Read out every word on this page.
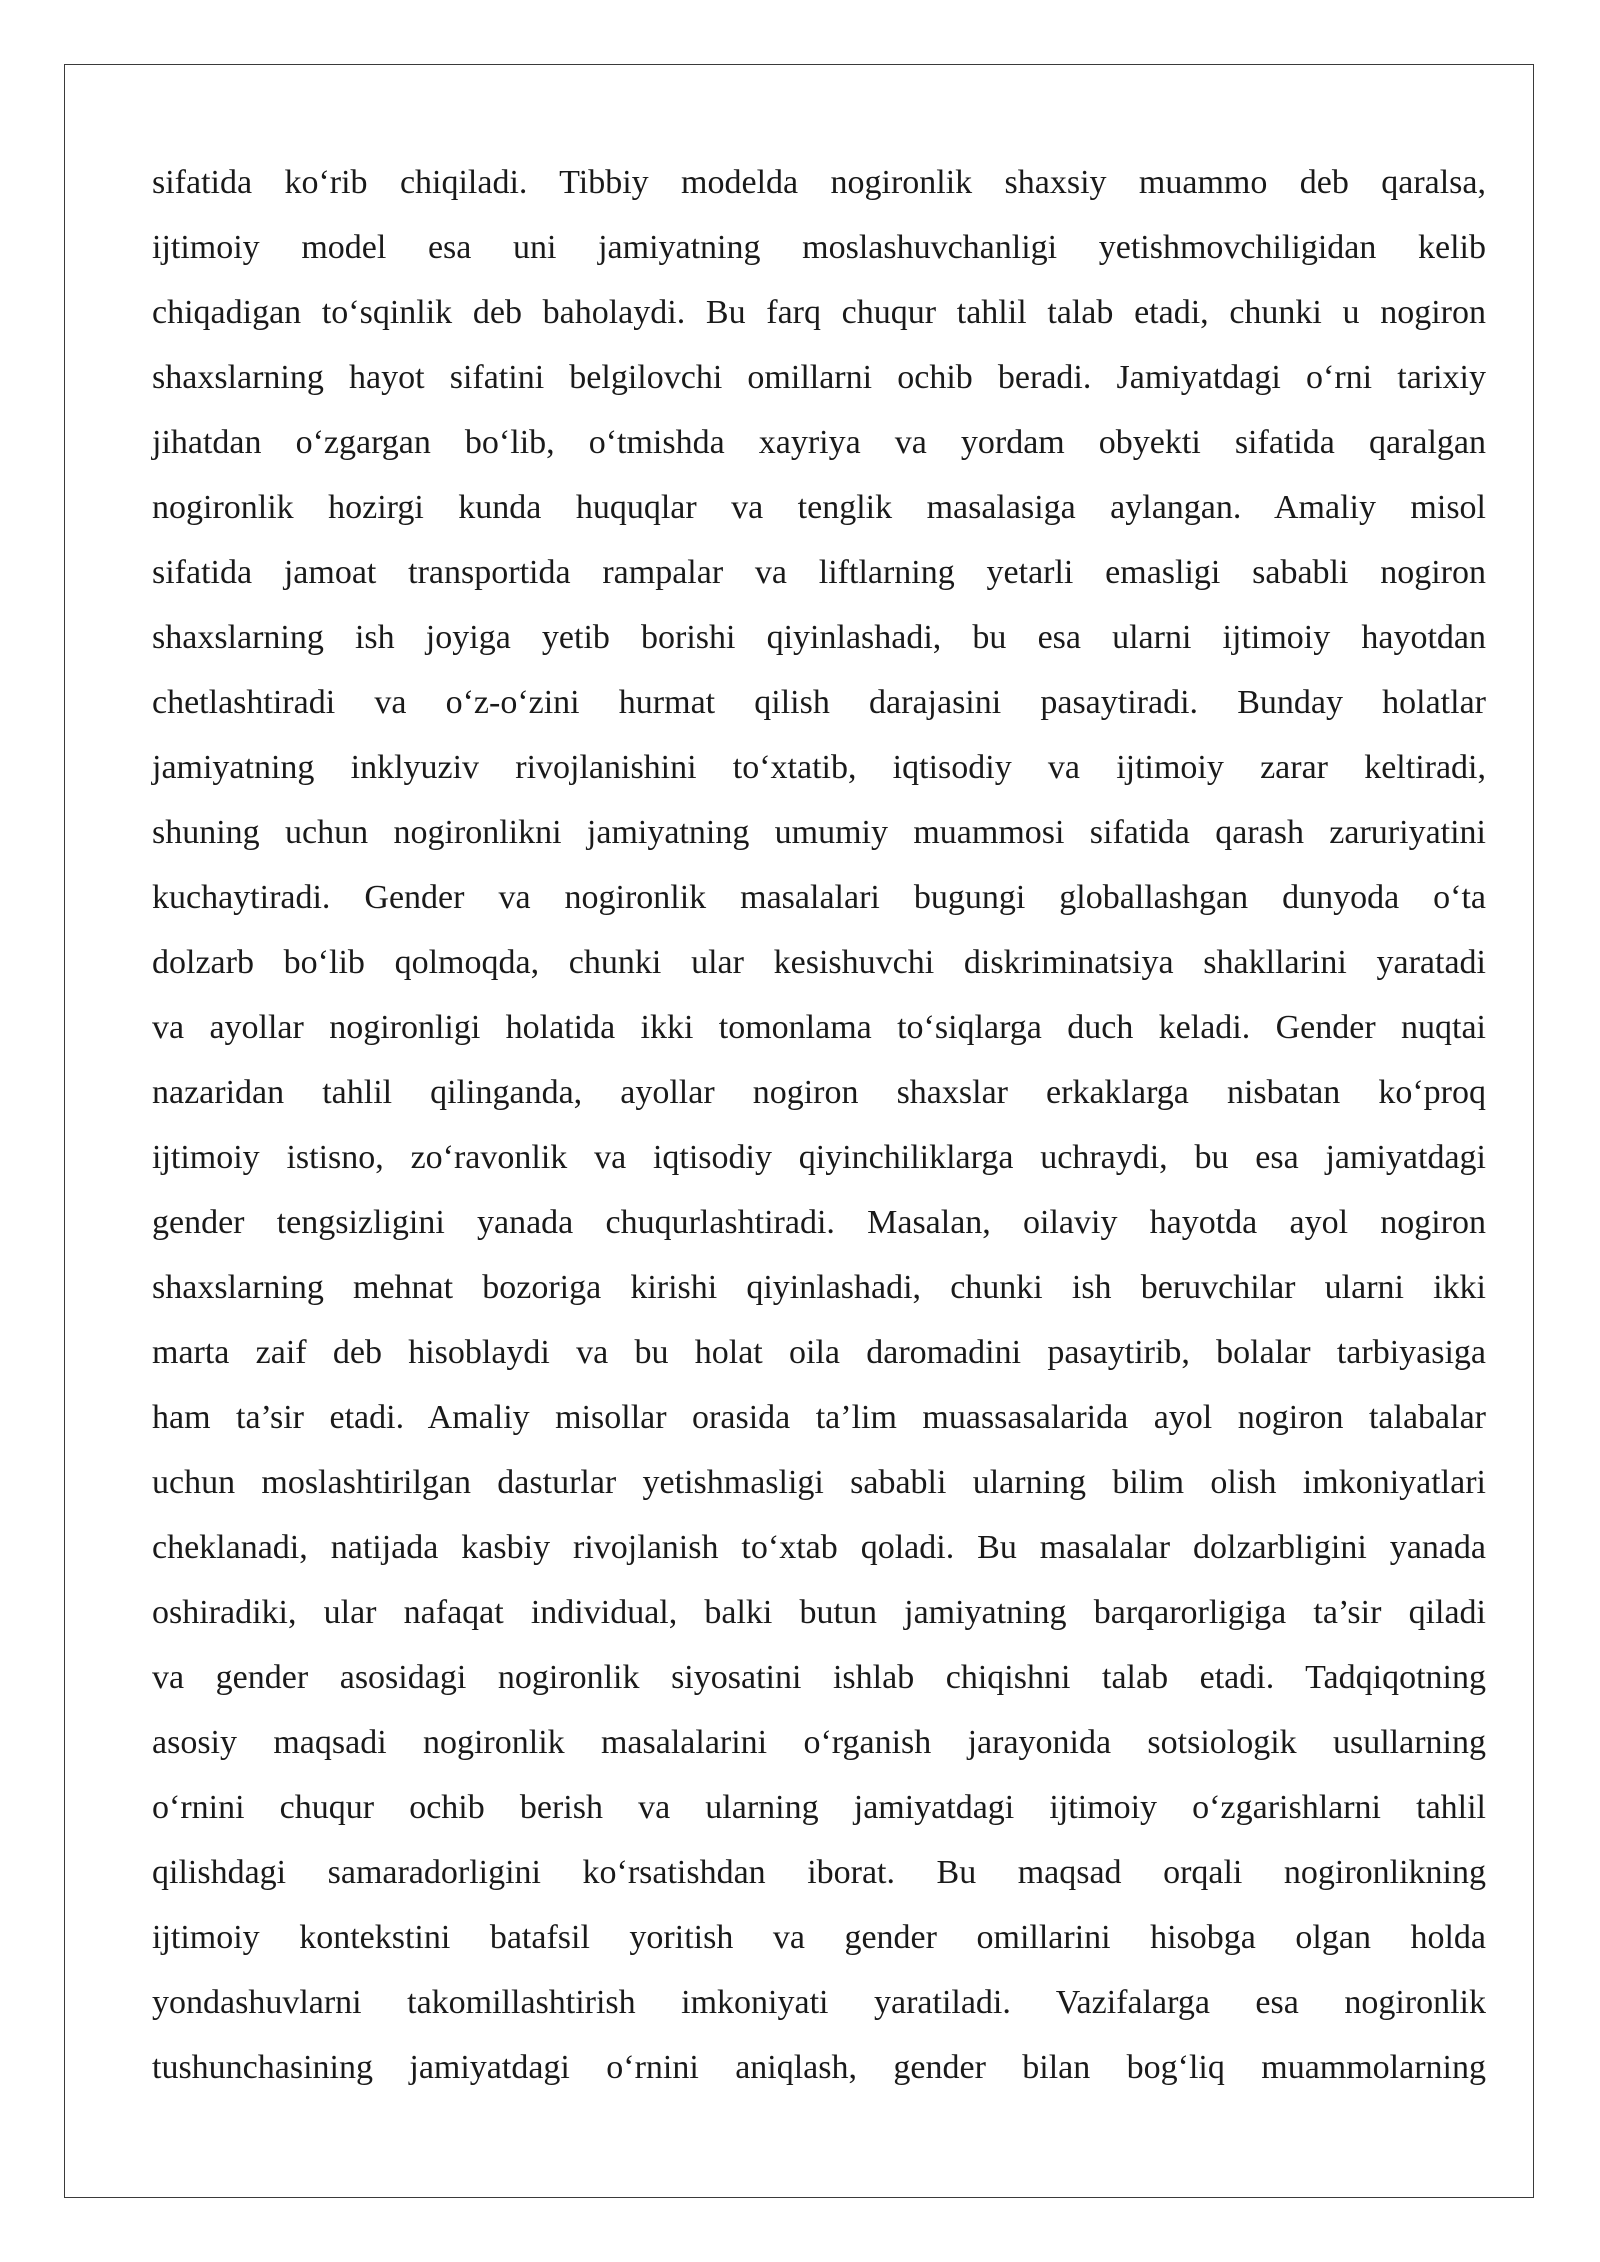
sifatida ko‘rib chiqiladi. Tibbiy modelda nogironlik shaxsiy muammo deb qaralsa,
ijtimoiy model esa uni jamiyatning moslashuvchanligi yetishmovchiligidan kelib
chiqadigan to‘sqinlik deb baholaydi. Bu farq chuqur tahlil talab etadi, chunki u nogiron
shaxslarning hayot sifatini belgilovchi omillarni ochib beradi. Jamiyatdagi o‘rni tarixiy
jihatdan o‘zgargan bo‘lib, o‘tmishda xayriya va yordam obyekti sifatida qaralgan
nogironlik hozirgi kunda huquqlar va tenglik masalasiga aylangan. Amaliy misol
sifatida jamoat transportida rampalar va liftlarning yetarli emasligi sababli nogiron
shaxslarning ish joyiga yetib borishi qiyinlashadi, bu esa ularni ijtimoiy hayotdan
chetlashtiradi va o‘z-o‘zini hurmat qilish darajasini pasaytiradi. Bunday holatlar
jamiyatning inklyuziv rivojlanishini to‘xtatib, iqtisodiy va ijtimoiy zarar keltiradi,
shuning uchun nogironlikni jamiyatning umumiy muammosi sifatida qarash zaruriyatini
kuchaytiradi. Gender va nogironlik masalalari bugungi globallashgan dunyoda o‘ta
dolzarb bo‘lib qolmoqda, chunki ular kesishuvchi diskriminatsiya shakllarini yaratadi
va ayollar nogironligi holatida ikki tomonlama to‘siqlarga duch keladi. Gender nuqtai
nazaridan tahlil qilinganda, ayollar nogiron shaxslar erkaklarga nisbatan ko‘proq
ijtimoiy istisno, zo‘ravonlik va iqtisodiy qiyinchiliklarga uchraydi, bu esa jamiyatdagi
gender tengsizligini yanada chuqurlashtiradi. Masalan, oilaviy hayotda ayol nogiron
shaxslarning mehnat bozoriga kirishi qiyinlashadi, chunki ish beruvchilar ularni ikki
marta zaif deb hisoblaydi va bu holat oila daromadini pasaytirib, bolalar tarbiyasiga
ham ta’sir etadi. Amaliy misollar orasida ta’lim muassasalarida ayol nogiron talabalar
uchun moslashtirilgan dasturlar yetishmasligi sababli ularning bilim olish imkoniyatlari
cheklanadi, natijada kasbiy rivojlanish to‘xtab qoladi. Bu masalalar dolzarbligini yanada
oshiradiki, ular nafaqat individual, balki butun jamiyatning barqarorligiga ta’sir qiladi
va gender asosidagi nogironlik siyosatini ishlab chiqishni talab etadi. Tadqiqotning
asosiy maqsadi nogironlik masalalarini o‘rganish jarayonida sotsiologik usullarning
o‘rnini chuqur ochib berish va ularning jamiyatdagi ijtimoiy o‘zgarishlarni tahlil
qilishdagi samaradorligini ko‘rsatishdan iborat. Bu maqsad orqali nogironlikning
ijtimoiy kontekstini batafsil yoritish va gender omillarini hisobga olgan holda
yondashuvlarni takomillashtirish imkoniyati yaratiladi. Vazifalarga esa nogironlik
tushunchasining jamiyatdagi o‘rnini aniqlash, gender bilan bog‘liq muammolarning
